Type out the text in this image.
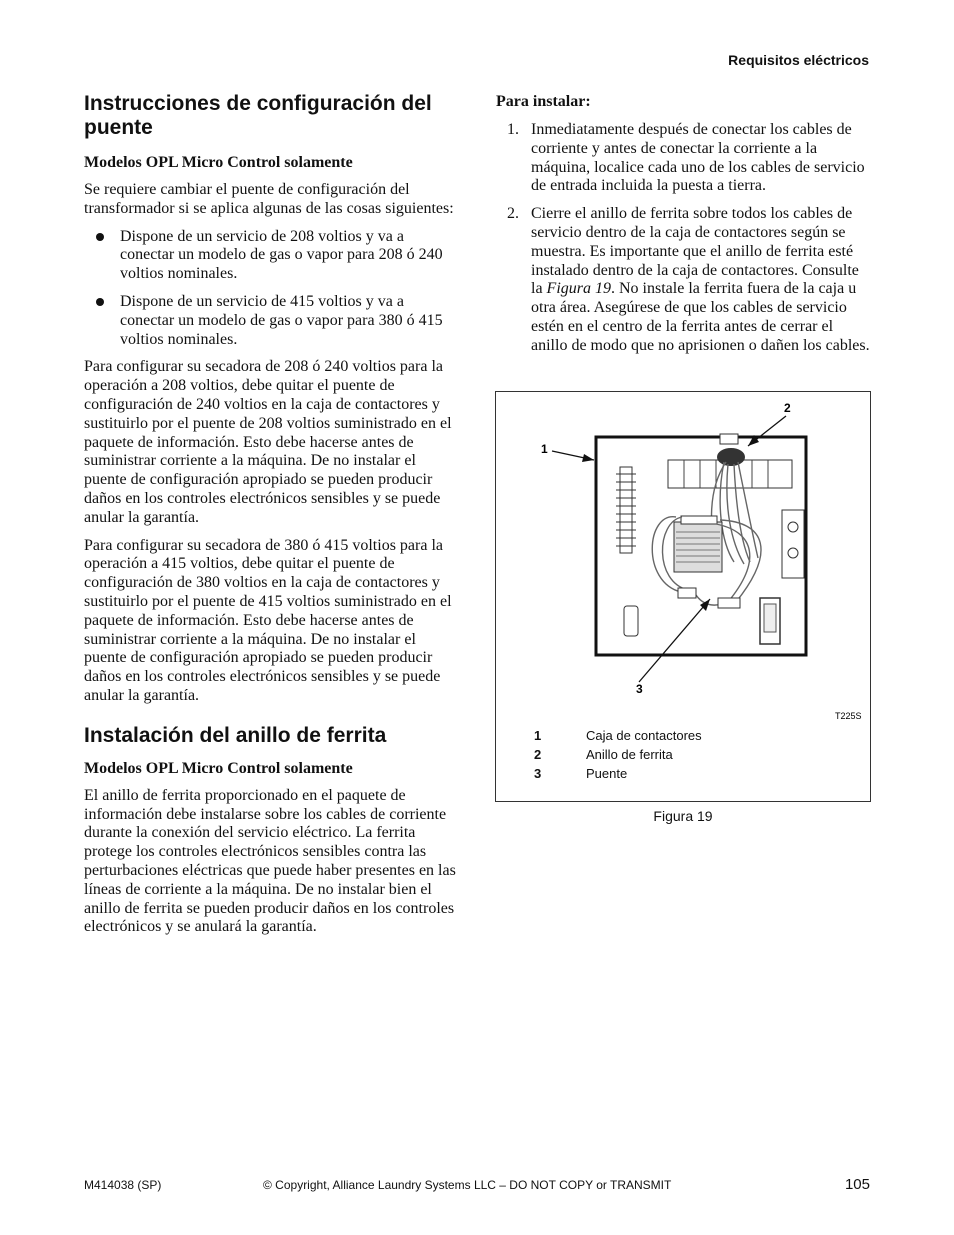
Requisitos eléctricos
Instrucciones de configuración del puente
Modelos OPL Micro Control solamente

Se requiere cambiar el puente de configuración del transformador si se aplica algunas de las cosas siguientes:

Dispone de un servicio de 208 voltios y va a conectar un modelo de gas o vapor para 208 ó 240 voltios nominales.
Dispone de un servicio de 415 voltios y va a conectar un modelo de gas o vapor para 380 ó 415 voltios nominales.

Para configurar su secadora de 208 ó 240 voltios para la operación a 208 voltios, debe quitar el puente de configuración de 240 voltios en la caja de contactores y sustituirlo por el puente de 208 voltios suministrado en el paquete de información. Esto debe hacerse antes de suministrar corriente a la máquina. De no instalar el puente de configuración apropiado se pueden producir daños en los controles electrónicos sensibles y se puede anular la garantía.

Para configurar su secadora de 380 ó 415 voltios para la operación a 415 voltios, debe quitar el puente de configuración de 380 voltios en la caja de contactores y sustituirlo por el puente de 415 voltios suministrado en el paquete de información. Esto debe hacerse antes de suministrar corriente a la máquina. De no instalar el puente de configuración apropiado se pueden producir daños en los controles electrónicos sensibles y se puede anular la garantía.

Instalación del anillo de ferrita
Modelos OPL Micro Control solamente

El anillo de ferrita proporcionado en el paquete de información debe instalarse sobre los cables de corriente durante la conexión del servicio eléctrico. La ferrita protege los controles electrónicos sensibles contra las perturbaciones eléctricas que puede haber presentes en las líneas de corriente a la máquina. De no instalar bien el anillo de ferrita se pueden producir daños en los controles electrónicos y se anulará la garantía.

Para instalar:
1. Inmediatamente después de conectar los cables de corriente y antes de conectar la corriente a la máquina, localice cada uno de los cables de servicio de entrada incluida la puesta a tierra.
2. Cierre el anillo de ferrita sobre todos los cables de servicio dentro de la caja de contactores según se muestra. Es importante que el anillo de ferrita esté instalado dentro de la caja de contactores. Consulte la Figura 19. No instale la ferrita fuera de la caja u otra área. Asegúrese de que los cables de servicio estén en el centro de la ferrita antes de cerrar el anillo de modo que no aprisionen o dañen los cables.
1
2
3
T225S
1	Caja de contactores
2	Anillo de ferrita
3	Puente
Figura 19
M414038 (SP)	© Copyright, Alliance Laundry Systems LLC – DO NOT COPY or TRANSMIT	105
